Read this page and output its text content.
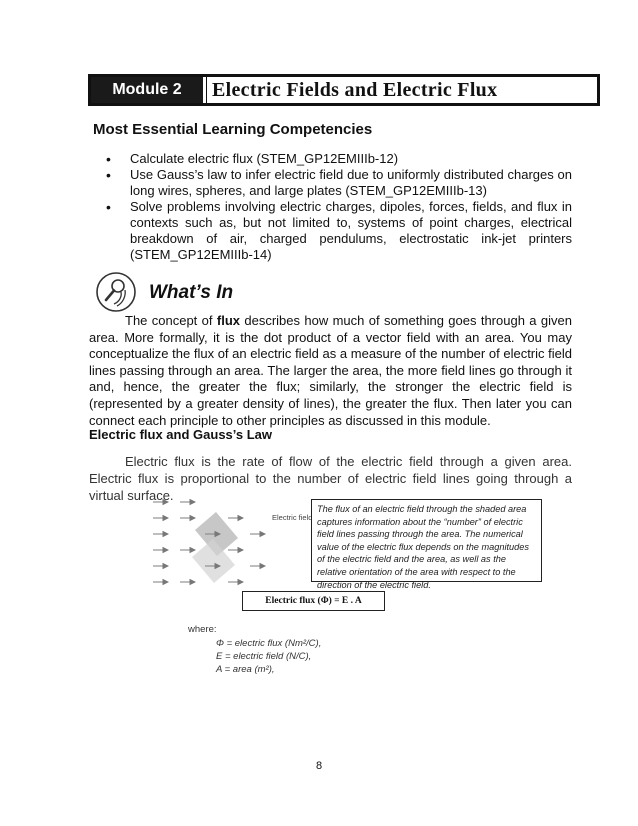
Module 2	Electric Fields and Electric Flux
Most Essential Learning Competencies
• Calculate electric flux (STEM_GP12EMIIIb-12)
• Use Gauss’s law to infer electric field due to uniformly distributed charges on long wires, spheres, and large plates (STEM_GP12EMIIIb-13)
• Solve problems involving electric charges, dipoles, forces, fields, and flux in contexts such as, but not limited to, systems of point charges, electrical breakdown of air, charged pendulums, electrostatic ink-jet printers (STEM_GP12EMIIIb-14)
What’s In

The concept of flux describes how much of something goes through a given area. More formally, it is the dot product of a vector field with an area. You may conceptualize the flux of an electric field as a measure of the number of electric field lines passing through an area. The larger the area, the more field lines go through it and, hence, the greater the flux; similarly, the stronger the electric field is (represented by a greater density of lines), the greater the flux. Then later you can connect each principle to other principles as discussed in this module.

Electric flux and Gauss’s Law

Electric flux is the rate of flow of the electric field through a given area. Electric flux is proportional to the number of electric field lines going through a virtual surface.

Electric field
The flux of an electric field through the shaded area captures information about the “number” of electric field lines passing through the area. The numerical value of the electric flux depends on the magnitudes of the electric field and the area, as well as the relative orientation of the area with respect to the direction of the electric field.
Electric flux (Φ) = E . A
where:
Φ = electric flux (Nm²/C),
E = electric field (N/C),
A = area (m²),
8
